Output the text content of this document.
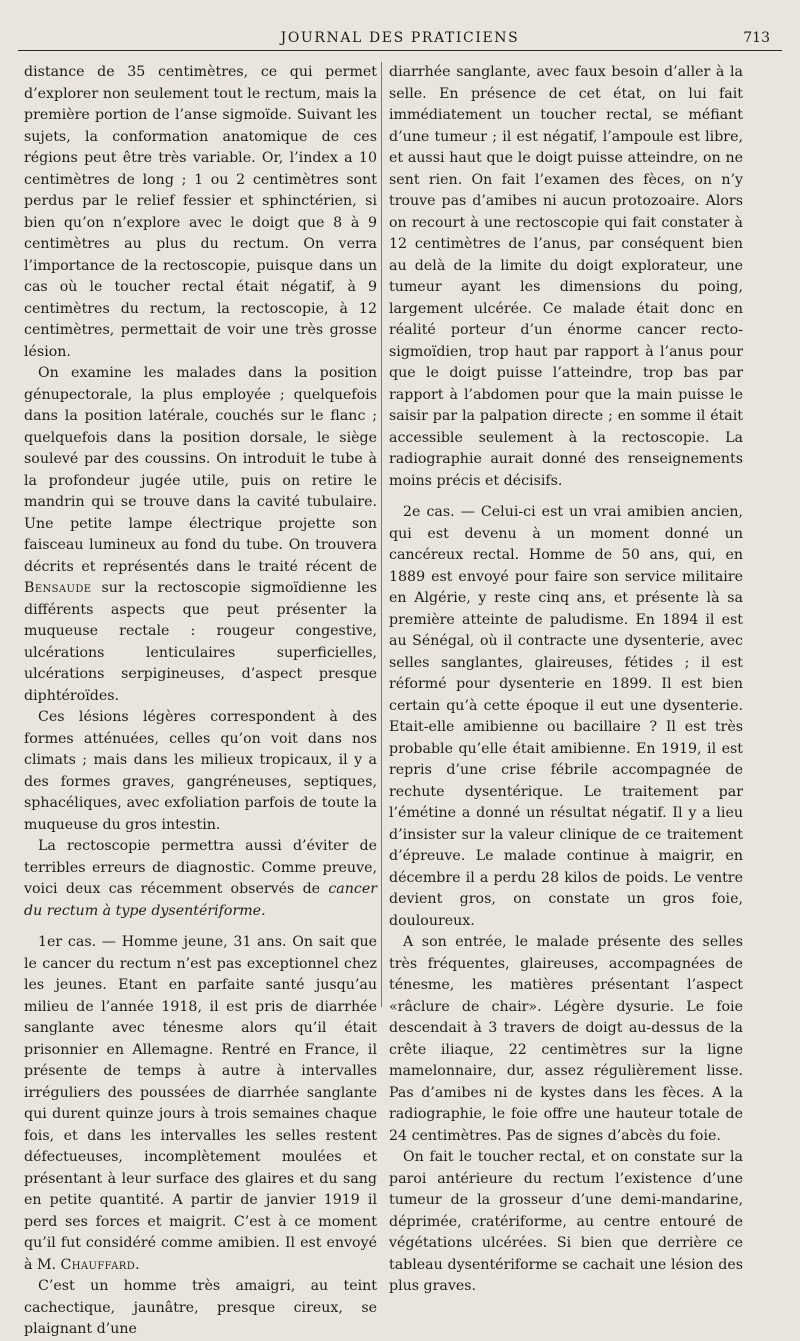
JOURNAL DES PRATICIENS	713

distance de 35 centimètres, ce qui permet d’explorer non seulement tout le rectum, mais la première portion de l’anse sigmoïde. Suivant les sujets, la conformation anatomique de ces régions peut être très variable. Or, l’index a 10 centimètres de long ; 1 ou 2 centimètres sont perdus par le relief fessier et sphinctérien, si bien qu’on n’explore avec le doigt que 8 à 9 centimètres au plus du rectum. On verra l’importance de la rectoscopie, puisque dans un cas où le toucher rectal était négatif, à 9 centimètres du rectum, la rectoscopie, à 12 centimètres, permettait de voir une très grosse lésion.

On examine les malades dans la position génupectorale, la plus employée ; quelquefois dans la position latérale, couchés sur le flanc ; quelquefois dans la position dorsale, le siège soulevé par des coussins. On introduit le tube à la profondeur jugée utile, puis on retire le mandrin qui se trouve dans la cavité tubulaire. Une petite lampe électrique projette son faisceau lumineux au fond du tube. On trouvera décrits et représentés dans le traité récent de Bensaude sur la rectoscopie sigmoïdienne les différents aspects que peut présenter la muqueuse rectale : rougeur congestive, ulcérations lenticulaires superficielles, ulcérations serpigineuses, d’aspect presque diphtéroïdes.

Ces lésions légères correspondent à des formes atténuées, celles qu’on voit dans nos climats ; mais dans les milieux tropicaux, il y a des formes graves, gangréneuses, septiques, sphacéliques, avec exfoliation parfois de toute la muqueuse du gros intestin.

La rectoscopie permettra aussi d’éviter de terribles erreurs de diagnostic. Comme preuve, voici deux cas récemment observés de cancer du rectum à type dysentériforme.

1er cas. — Homme jeune, 31 ans. On sait que le cancer du rectum n’est pas exceptionnel chez les jeunes. Etant en parfaite santé jusqu’au milieu de l’année 1918, il est pris de diarrhée sanglante avec ténesme alors qu’il était prisonnier en Allemagne. Rentré en France, il présente de temps à autre à intervalles irréguliers des poussées de diarrhée sanglante qui durent quinze jours à trois semaines chaque fois, et dans les intervalles les selles restent défectueuses, incomplètement moulées et présentant à leur surface des glaires et du sang en petite quantité. A partir de janvier 1919 il perd ses forces et maigrit. C’est à ce moment qu’il fut considéré comme amibien. Il est envoyé à M. Chauffard.

C’est un homme très amaigri, au teint cachectique, jaunâtre, presque cireux, se plaignant d’une

diarrhée sanglante, avec faux besoin d’aller à la selle. En présence de cet état, on lui fait immédiatement un toucher rectal, se méfiant d’une tumeur ; il est négatif, l’ampoule est libre, et aussi haut que le doigt puisse atteindre, on ne sent rien. On fait l’examen des fèces, on n’y trouve pas d’amibes ni aucun protozoaire. Alors on recourt à une rectoscopie qui fait constater à 12 centimètres de l’anus, par conséquent bien au delà de la limite du doigt explorateur, une tumeur ayant les dimensions du poing, largement ulcérée. Ce malade était donc en réalité porteur d’un énorme cancer recto-sigmoïdien, trop haut par rapport à l’anus pour que le doigt puisse l’atteindre, trop bas par rapport à l’abdomen pour que la main puisse le saisir par la palpation directe ; en somme il était accessible seulement à la rectoscopie. La radiographie aurait donné des renseignements moins précis et décisifs.

2e cas. — Celui-ci est un vrai amibien ancien, qui est devenu à un moment donné un cancéreux rectal. Homme de 50 ans, qui, en 1889 est envoyé pour faire son service militaire en Algérie, y reste cinq ans, et présente là sa première atteinte de paludisme. En 1894 il est au Sénégal, où il contracte une dysenterie, avec selles sanglantes, glaireuses, fétides ; il est réformé pour dysenterie en 1899. Il est bien certain qu’à cette époque il eut une dysenterie. Etait-elle amibienne ou bacillaire ? Il est très probable qu’elle était amibienne. En 1919, il est repris d’une crise fébrile accompagnée de rechute dysentérique. Le traitement par l’émétine a donné un résultat négatif. Il y a lieu d’insister sur la valeur clinique de ce traitement d’épreuve. Le malade continue à maigrir, en décembre il a perdu 28 kilos de poids. Le ventre devient gros, on constate un gros foie, douloureux.

A son entrée, le malade présente des selles très fréquentes, glaireuses, accompagnées de ténesme, les matières présentant l’aspect «râclure de chair». Légère dysurie. Le foie descendait à 3 travers de doigt au-dessus de la crête iliaque, 22 centimètres sur la ligne mamelonnaire, dur, assez régulièrement lisse. Pas d’amibes ni de kystes dans les fèces. A la radiographie, le foie offre une hauteur totale de 24 centimètres. Pas de signes d’abcès du foie.

On fait le toucher rectal, et on constate sur la paroi antérieure du rectum l’existence d’une tumeur de la grosseur d’une demi-mandarine, déprimée, cratériforme, au centre entouré de végétations ulcérées. Si bien que derrière ce tableau dysentériforme se cachait une lésion des plus graves.
